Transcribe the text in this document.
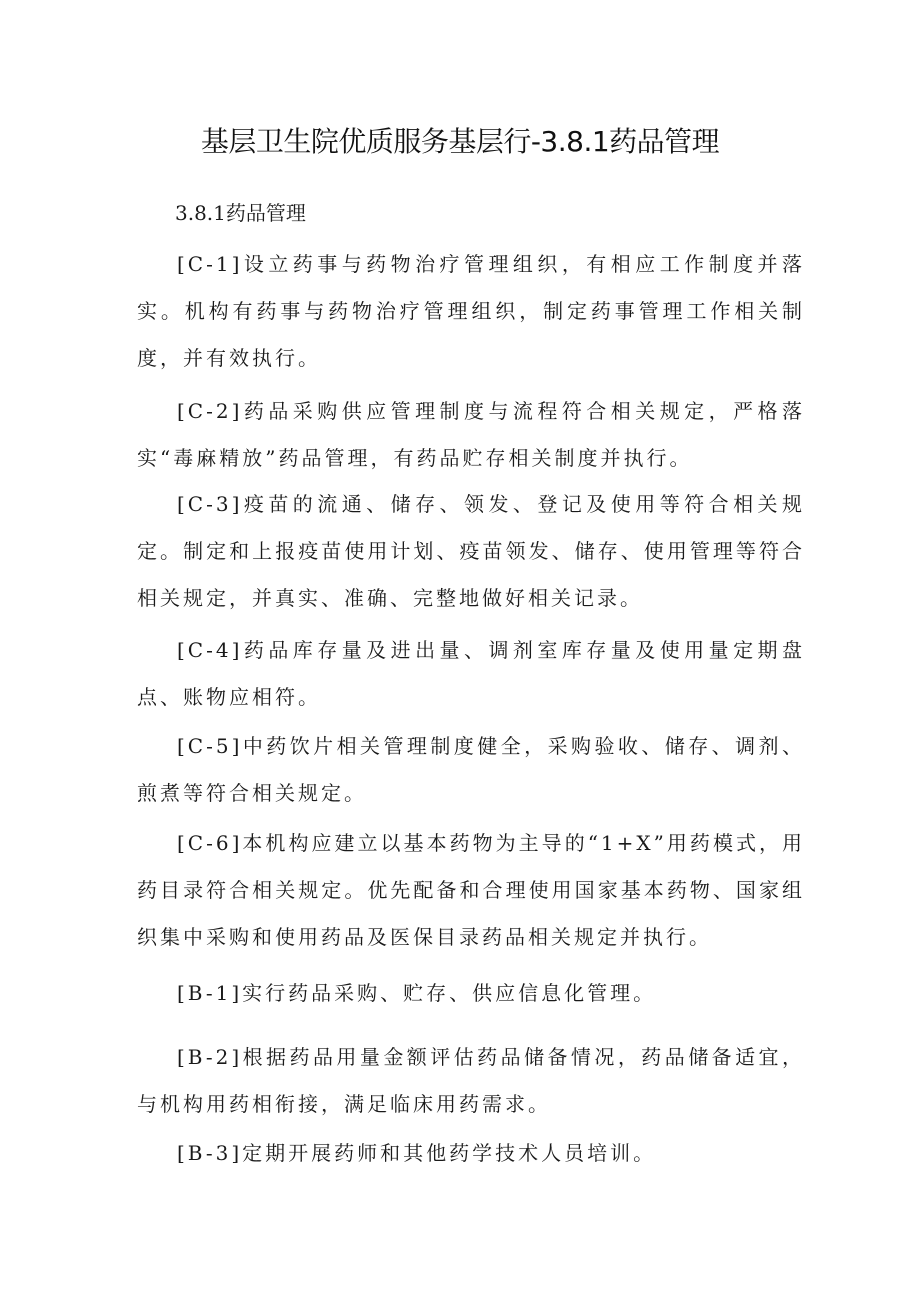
基层卫生院优质服务基层行-3.8.1药品管理
3.8.1药品管理

[C-1]设立药事与药物治疗管理组织，有相应工作制度并落实。机构有药事与药物治疗管理组织，制定药事管理工作相关制度，并有效执行。

[C-2]药品采购供应管理制度与流程符合相关规定，严格落实“毒麻精放”药品管理，有药品贮存相关制度并执行。

[C-3]疫苗的流通、储存、领发、登记及使用等符合相关规定。制定和上报疫苗使用计划、疫苗领发、储存、使用管理等符合相关规定，并真实、准确、完整地做好相关记录。

[C-4]药品库存量及进出量、调剂室库存量及使用量定期盘点、账物应相符。

[C-5]中药饮片相关管理制度健全，采购验收、储存、调剂、煎煮等符合相关规定。

[C-6]本机构应建立以基本药物为主导的“1+X”用药模式，用药目录符合相关规定。优先配备和合理使用国家基本药物、国家组织集中采购和使用药品及医保目录药品相关规定并执行。

[B-1]实行药品采购、贮存、供应信息化管理。

[B-2]根据药品用量金额评估药品储备情况，药品储备适宜，与机构用药相衔接，满足临床用药需求。

[B-3]定期开展药师和其他药学技术人员培训。
